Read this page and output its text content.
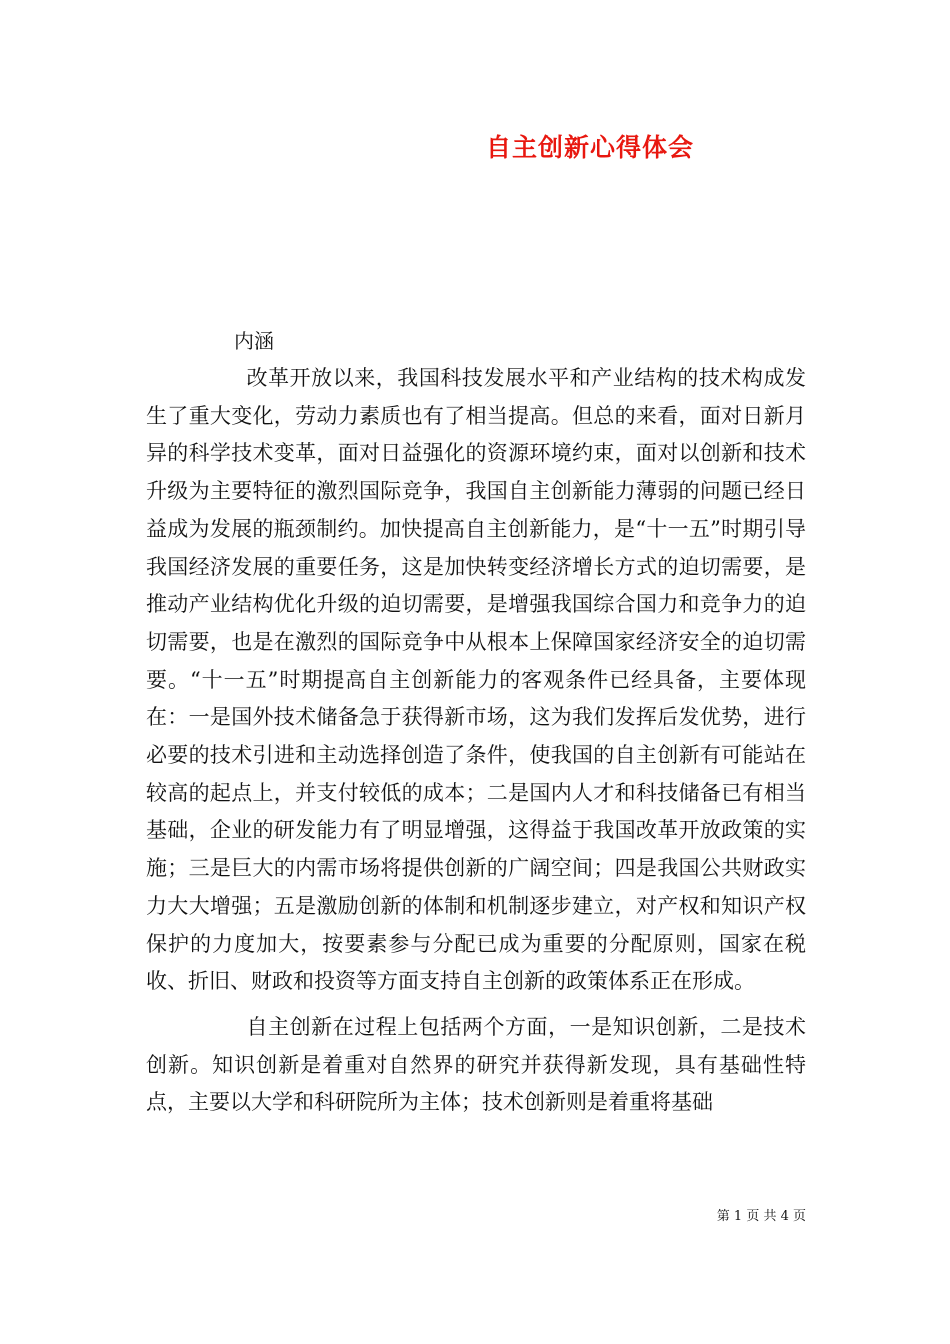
自主创新心得体会
内涵

改革开放以来，我国科技发展水平和产业结构的技术构成发生了重大变化，劳动力素质也有了相当提高。但总的来看，面对日新月异的科学技术变革，面对日益强化的资源环境约束，面对以创新和技术升级为主要特征的激烈国际竞争，我国自主创新能力薄弱的问题已经日益成为发展的瓶颈制约。加快提高自主创新能力，是“十一五”时期引导我国经济发展的重要任务，这是加快转变经济增长方式的迫切需要，是推动产业结构优化升级的迫切需要，是增强我国综合国力和竞争力的迫切需要，也是在激烈的国际竞争中从根本上保障国家经济安全的迫切需要。“十一五”时期提高自主创新能力的客观条件已经具备，主要体现在：一是国外技术储备急于获得新市场，这为我们发挥后发优势，进行必要的技术引进和主动选择创造了条件，使我国的自主创新有可能站在较高的起点上，并支付较低的成本；二是国内人才和科技储备已有相当基础，企业的研发能力有了明显增强，这得益于我国改革开放政策的实施；三是巨大的内需市场将提供创新的广阔空间；四是我国公共财政实力大大增强；五是激励创新的体制和机制逐步建立，对产权和知识产权保护的力度加大，按要素参与分配已成为重要的分配原则，国家在税收、折旧、财政和投资等方面支持自主创新的政策体系正在形成。

自主创新在过程上包括两个方面，一是知识创新，二是技术创新。知识创新是着重对自然界的研究并获得新发现，具有基础性特点，主要以大学和科研院所为主体；技术创新则是着重将基础

第 1 页 共 4 页
